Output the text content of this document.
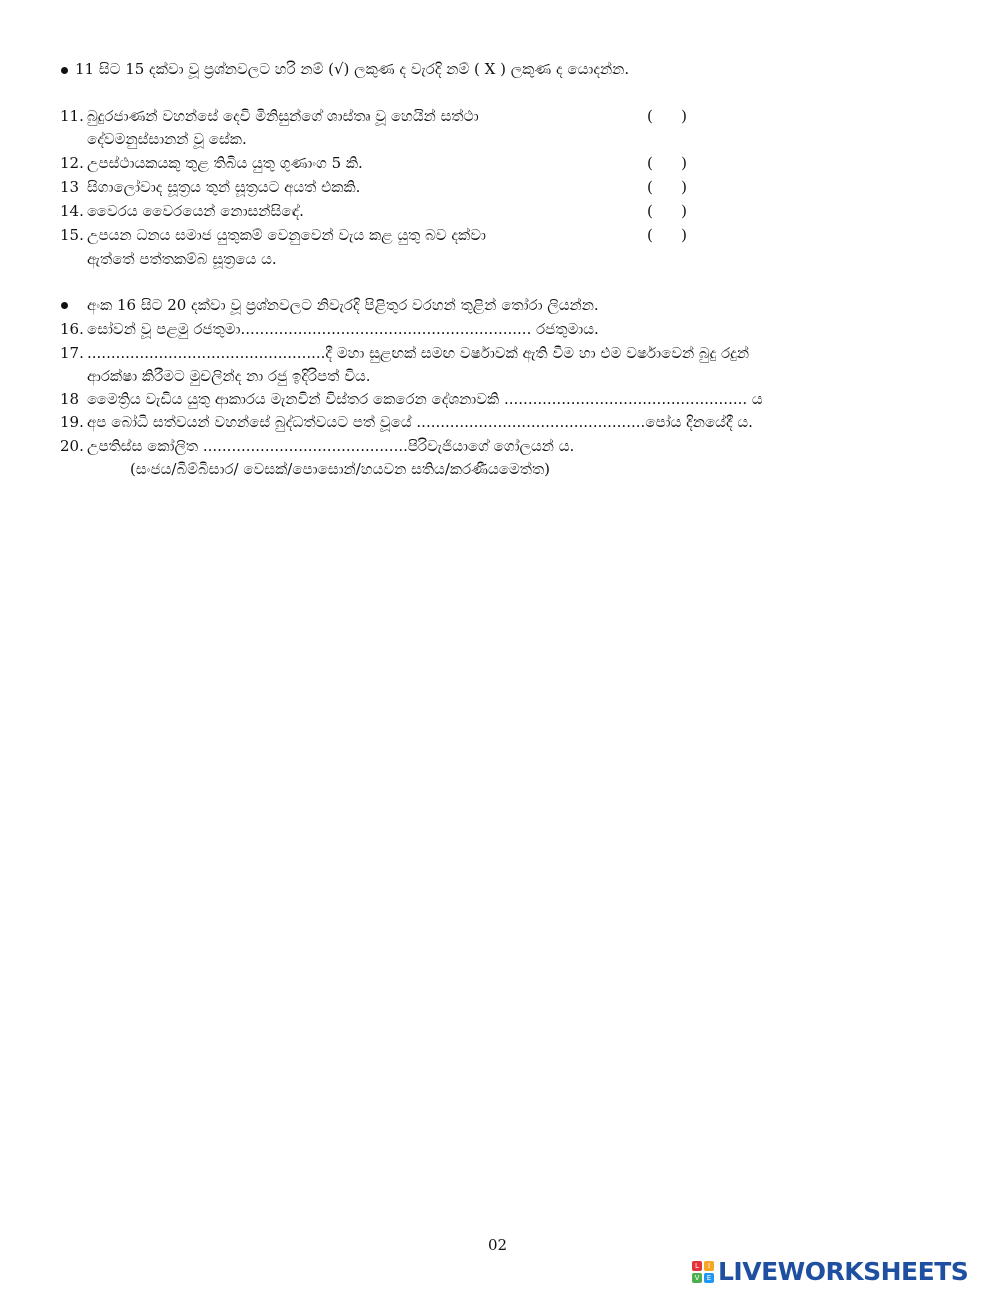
11 සිට 15 දක්වා වූ ප්‍රශ්නවලට හරි නම් (√) ලකුණ ද වැරදි නම් ( X ) ලකුණ ද යොදන්න.
11. බුදුරජාණන් වහන්සේ දෙවි මිනිසුන්ගේ ශාස්තෘ වූ හෙයින් සත්ථා
දේවමනුස්සානන් වූ සේක.
( )
12. උපස්ථායකයකු තුළ තිබිය යුතු ගුණාංග 5 කි.	( )
13 සිගාලෝවාද සූත්‍රය තුන් සූත්‍රයට අයත් එකකි.	( )
14. වෛරය වෛරයෙන් නොසන්සිඳේ.	( )
15. උපයන ධනය සමාජ යුතුකම් වෙනුවෙන් වැය කළ යුතු බව දක්වා
ඇත්තේ පත්තකම්බ සූත්‍රයෙ ය.
( )
අංක 16 සිට 20 දක්වා වූ ප්‍රශ්නවලට නිවැරදි පිළිතුර වරහන් තුළින් තෝරා ලියන්න.
16. සෝවන් වූ පළමු රජතුමා............................................................. රජතුමාය.
17. ..................................................දී මහා සුළඟක් සමඟ වර්ෂාවක් ඇති වීම හා එම වර්ෂාවෙන් බුදු රදුන්
ආරක්ෂා කිරීමට මුචලින්ද නා රජු ඉදිරිපත් විය.
18 මෛත්‍රිය වැඩිය යුතු ආකාරය මැනවින් විස්තර කෙරෙන දේශනාවකි ................................................... ය
19. අප බෝධි සත්වයන් වහන්සේ බුද්ධත්වයට පත් වූයේ ................................................පෝය දිනයේදී ය.
20. උපතිස්ස කෝලිත ...........................................පිරිවැජියාගේ ගෝලයන් ය.
(සංජය/බිම්බිසාර/ වෙසක්/පොසොන්/හයවන සතිය/කරණීයමෙත්ත)
02
L	I
V	E LIVEWORKSHEETS
